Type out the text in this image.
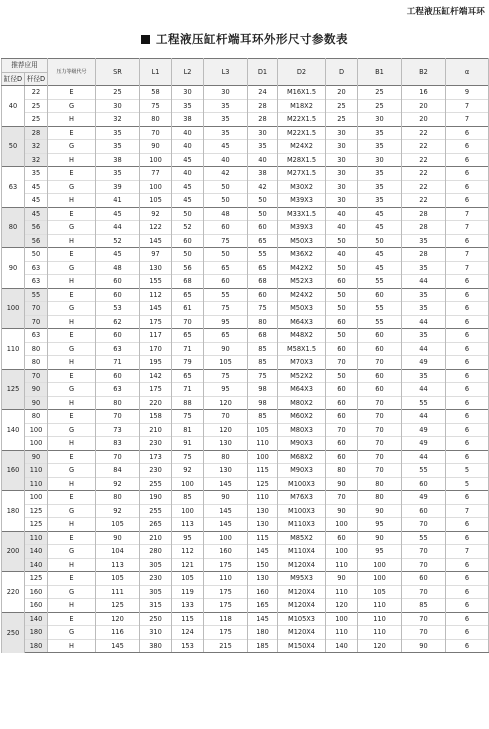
工程液压缸杆端耳环
工程液压缸杆端耳环外形尺寸参数表
推荐应用		压力等级代号	SR	L1	L2	L3	D1	D2	D	B1	B2	α
缸径D	杆径D											
40	22	E	25	58	30	30	24	M16X1.5	20	25	16	9
	25	G	30	75	35	35	28	M18X2	25	25	20	7
	25	H	32	80	38	35	28	M22X1.5	25	30	20	7
50	28	E	35	70	40	35	30	M22X1.5	30	35	22	6
	32	G	35	90	40	45	35	M24X2	30	35	22	6
	32	H	38	100	45	40	40	M28X1.5	30	30	22	6
63	35	E	35	77	40	42	38	M27X1.5	30	35	22	6
	45	G	39	100	45	50	42	M30X2	30	35	22	6
	45	H	41	105	45	50	50	M39X3	30	35	22	6
80	45	E	45	92	50	48	50	M33X1.5	40	45	28	7
	56	G	44	122	52	60	60	M39X3	40	45	28	7
	56	H	52	145	60	75	65	M50X3	50	50	35	6
90	50	E	45	97	50	50	55	M36X2	40	45	28	7
	63	G	48	130	56	65	65	M42X2	50	45	35	7
	63	H	60	155	68	60	68	M52X3	60	55	44	6
100	55	E	60	112	65	55	60	M24X2	50	60	35	6
	70	G	53	145	61	75	75	M50X3	50	55	35	6
	70	H	62	175	70	95	80	M64X3	60	55	44	6
110	63	E	60	117	65	65	68	M48X2	50	60	35	6
	80	G	63	170	71	90	85	M58X1.5	60	60	44	6
	80	H	71	195	79	105	85	M70X3	70	70	49	6
125	70	E	60	142	65	75	75	M52X2	50	60	35	6
	90	G	63	175	71	95	98	M64X3	60	60	44	6
	90	H	80	220	88	120	98	M80X2	60	70	55	6
140	80	E	70	158	75	70	85	M60X2	60	70	44	6
	100	G	73	210	81	120	105	M80X3	70	70	49	6
	100	H	83	230	91	130	110	M90X3	60	70	49	6
160	90	E	70	173	75	80	100	M68X2	60	70	44	6
	110	G	84	230	92	130	115	M90X3	80	70	55	5
	110	H	92	255	100	145	125	M100X3	90	80	60	5
180	100	E	80	190	85	90	110	M76X3	70	80	49	6
	125	G	92	255	100	145	130	M100X3	90	90	60	7
	125	H	105	265	113	145	130	M110X3	100	95	70	6
200	110	E	90	210	95	100	115	M85X2	60	90	55	6
	140	G	104	280	112	160	145	M110X4	100	95	70	7
	140	H	113	305	121	175	150	M120X4	110	100	70	6
220	125	E	105	230	105	110	130	M95X3	90	100	60	6
	160	G	111	305	119	175	160	M120X4	110	105	70	6
	160	H	125	315	133	175	165	M120X4	120	110	85	6
250	140	E	120	250	115	118	145	M105X3	100	110	70	6
	180	G	116	310	124	175	180	M120X4	110	110	70	6
	180	H	145	380	153	215	185	M150X4	140	120	90	6
